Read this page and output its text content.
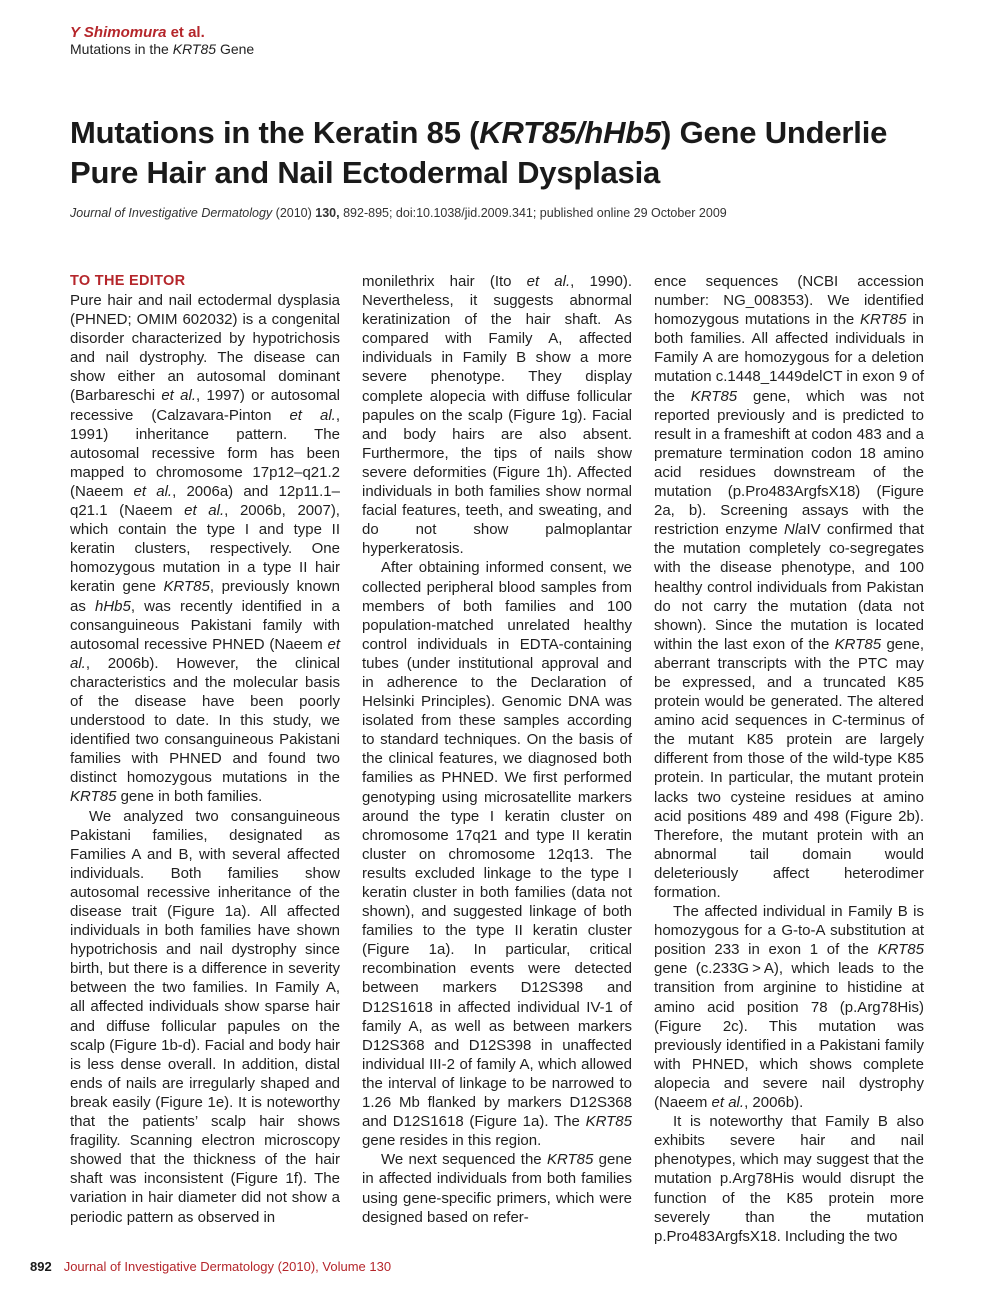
Y Shimomura et al.
Mutations in the KRT85 Gene
Mutations in the Keratin 85 (KRT85/hHb5) Gene Underlie Pure Hair and Nail Ectodermal Dysplasia
Journal of Investigative Dermatology (2010) 130, 892-895; doi:10.1038/jid.2009.341; published online 29 October 2009
TO THE EDITOR

Pure hair and nail ectodermal dysplasia (PHNED; OMIM 602032) is a congenital disorder characterized by hypotrichosis and nail dystrophy. The disease can show either an autosomal dominant (Barbareschi et al., 1997) or autosomal recessive (Calzavara-Pinton et al., 1991) inheritance pattern. The autosomal recessive form has been mapped to chromosome 17p12–q21.2 (Naeem et al., 2006a) and 12p11.1–q21.1 (Naeem et al., 2006b, 2007), which contain the type I and type II keratin clusters, respectively. One homozygous mutation in a type II hair keratin gene KRT85, previously known as hHb5, was recently identified in a consanguineous Pakistani family with autosomal recessive PHNED (Naeem et al., 2006b). However, the clinical characteristics and the molecular basis of the disease have been poorly understood to date. In this study, we identified two consanguineous Pakistani families with PHNED and found two distinct homozygous mutations in the KRT85 gene in both families.

We analyzed two consanguineous Pakistani families, designated as Families A and B, with several affected individuals. Both families show autosomal recessive inheritance of the disease trait (Figure 1a). All affected individuals in both families have shown hypotrichosis and nail dystrophy since birth, but there is a difference in severity between the two families. In Family A, all affected individuals show sparse hair and diffuse follicular papules on the scalp (Figure 1b-d). Facial and body hair is less dense overall. In addition, distal ends of nails are irregularly shaped and break easily (Figure 1e). It is noteworthy that the patients’ scalp hair shows fragility. Scanning electron microscopy showed that the thickness of the hair shaft was inconsistent (Figure 1f). The variation in hair diameter did not show a periodic pattern as observed in

monilethrix hair (Ito et al., 1990). Nevertheless, it suggests abnormal keratinization of the hair shaft. As compared with Family A, affected individuals in Family B show a more severe phenotype. They display complete alopecia with diffuse follicular papules on the scalp (Figure 1g). Facial and body hairs are also absent. Furthermore, the tips of nails show severe deformities (Figure 1h). Affected individuals in both families show normal facial features, teeth, and sweating, and do not show palmoplantar hyperkeratosis.

After obtaining informed consent, we collected peripheral blood samples from members of both families and 100 population-matched unrelated healthy control individuals in EDTA-containing tubes (under institutional approval and in adherence to the Declaration of Helsinki Principles). Genomic DNA was isolated from these samples according to standard techniques. On the basis of the clinical features, we diagnosed both families as PHNED. We first performed genotyping using microsatellite markers around the type I keratin cluster on chromosome 17q21 and type II keratin cluster on chromosome 12q13. The results excluded linkage to the type I keratin cluster in both families (data not shown), and suggested linkage of both families to the type II keratin cluster (Figure 1a). In particular, critical recombination events were detected between markers D12S398 and D12S1618 in affected individual IV-1 of family A, as well as between markers D12S368 and D12S398 in unaffected individual III-2 of family A, which allowed the interval of linkage to be narrowed to 1.26 Mb flanked by markers D12S368 and D12S1618 (Figure 1a). The KRT85 gene resides in this region.

We next sequenced the KRT85 gene in affected individuals from both families using gene-specific primers, which were designed based on refer-

ence sequences (NCBI accession number: NG_008353). We identified homozygous mutations in the KRT85 in both families. All affected individuals in Family A are homozygous for a deletion mutation c.1448_1449delCT in exon 9 of the KRT85 gene, which was not reported previously and is predicted to result in a frameshift at codon 483 and a premature termination codon 18 amino acid residues downstream of the mutation (p.Pro483ArgfsX18) (Figure 2a, b). Screening assays with the restriction enzyme NlaIV confirmed that the mutation completely co-segregates with the disease phenotype, and 100 healthy control individuals from Pakistan do not carry the mutation (data not shown). Since the mutation is located within the last exon of the KRT85 gene, aberrant transcripts with the PTC may be expressed, and a truncated K85 protein would be generated. The altered amino acid sequences in C-terminus of the mutant K85 protein are largely different from those of the wild-type K85 protein. In particular, the mutant protein lacks two cysteine residues at amino acid positions 489 and 498 (Figure 2b). Therefore, the mutant protein with an abnormal tail domain would deleteriously affect heterodimer formation.

The affected individual in Family B is homozygous for a G-to-A substitution at position 233 in exon 1 of the KRT85 gene (c.233G > A), which leads to the transition from arginine to histidine at amino acid position 78 (p.Arg78His) (Figure 2c). This mutation was previously identified in a Pakistani family with PHNED, which shows complete alopecia and severe nail dystrophy (Naeem et al., 2006b).

It is noteworthy that Family B also exhibits severe hair and nail phenotypes, which may suggest that the mutation p.Arg78His would disrupt the function of the K85 protein more severely than the mutation p.Pro483ArgfsX18. Including the two

892 Journal of Investigative Dermatology (2010), Volume 130
